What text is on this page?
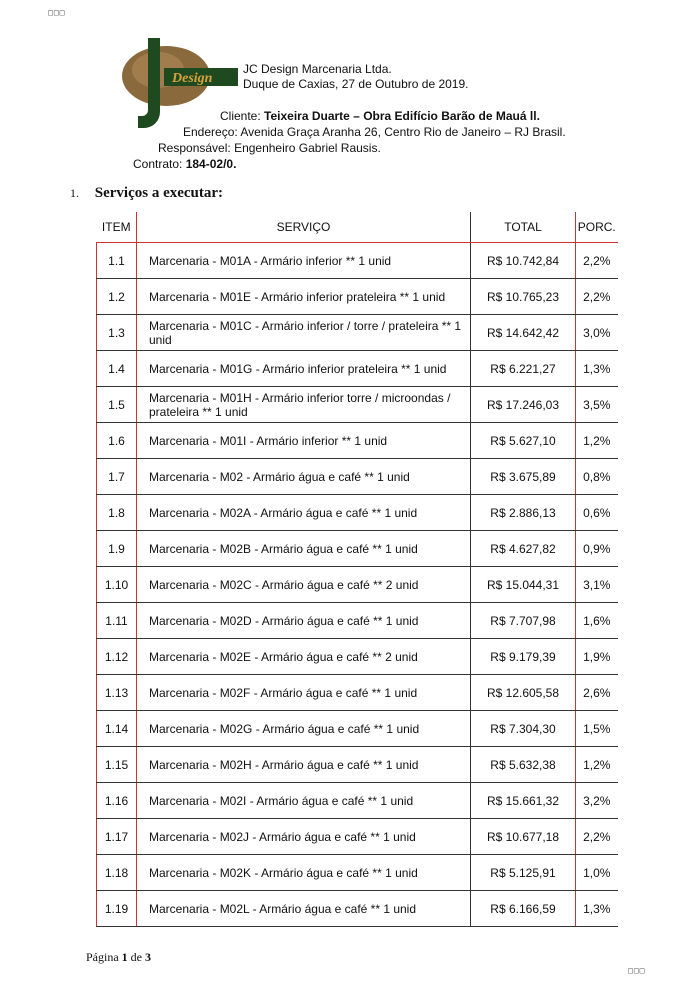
□□□
Design
JC Design Marcenaria Ltda.
Duque de Caxias, 27 de Outubro de 2019.
Cliente: Teixeira Duarte – Obra Edifício Barão de Mauá ll.
Endereço: Avenida Graça Aranha 26, Centro Rio de Janeiro – RJ Brasil.
Responsável: Engenheiro Gabriel Rausis.
Contrato: 184-02/0.
1. Serviços a executar:
ITEM	SERVIÇO	TOTAL	PORC.
1.1	Marcenaria - M01A - Armário inferior ** 1 unid	R$ 10.742,84	2,2%
1.2	Marcenaria - M01E - Armário inferior prateleira ** 1 unid	R$ 10.765,23	2,2%
1.3	Marcenaria - M01C - Armário inferior / torre / prateleira ** 1 unid	R$ 14.642,42	3,0%
1.4	Marcenaria - M01G - Armário inferior prateleira ** 1 unid	R$ 6.221,27	1,3%
1.5	Marcenaria - M01H - Armário inferior torre / microondas / prateleira ** 1 unid	R$ 17.246,03	3,5%
1.6	Marcenaria - M01I - Armário inferior ** 1 unid	R$ 5.627,10	1,2%
1.7	Marcenaria - M02 - Armário água e café ** 1 unid	R$ 3.675,89	0,8%
1.8	Marcenaria - M02A - Armário água e café ** 1 unid	R$ 2.886,13	0,6%
1.9	Marcenaria - M02B - Armário água e café ** 1 unid	R$ 4.627,82	0,9%
1.10	Marcenaria - M02C - Armário água e café ** 2 unid	R$ 15.044,31	3,1%
1.11	Marcenaria - M02D - Armário água e café ** 1 unid	R$ 7.707,98	1,6%
1.12	Marcenaria - M02E - Armário água e café ** 2 unid	R$ 9.179,39	1,9%
1.13	Marcenaria - M02F - Armário água e café ** 1 unid	R$ 12.605,58	2,6%
1.14	Marcenaria - M02G - Armário água e café ** 1 unid	R$ 7.304,30	1,5%
1.15	Marcenaria - M02H - Armário água e café ** 1 unid	R$ 5.632,38	1,2%
1.16	Marcenaria - M02I - Armário água e café ** 1 unid	R$ 15.661,32	3,2%
1.17	Marcenaria - M02J - Armário água e café ** 1 unid	R$ 10.677,18	2,2%
1.18	Marcenaria - M02K - Armário água e café ** 1 unid	R$ 5.125,91	1,0%
1.19	Marcenaria - M02L - Armário água e café ** 1 unid	R$ 6.166,59	1,3%
Página 1 de 3
□□□
